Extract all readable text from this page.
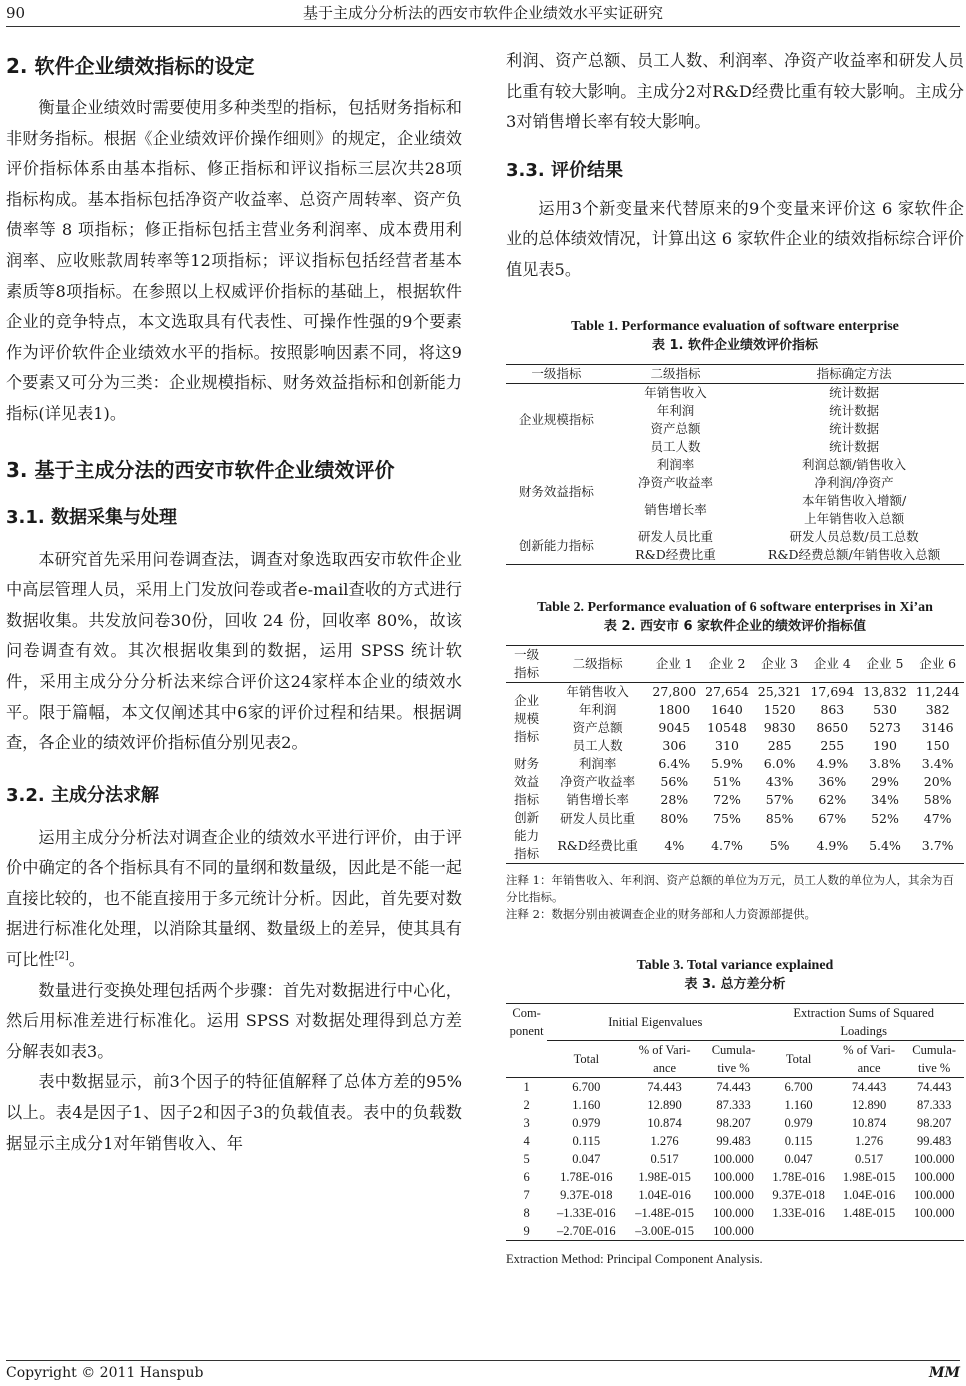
90	基于主成分分析法的西安市软件企业绩效水平实证研究
2. 软件企业绩效指标的设定

衡量企业绩效时需要使用多种类型的指标，包括财务指标和非财务指标。根据《企业绩效评价操作细则》的规定，企业绩效评价指标体系由基本指标、修正指标和评议指标三层次共28项指标构成。基本指标包括净资产收益率、总资产周转率、资产负债率等 8 项指标；修正指标包括主营业务利润率、成本费用利润率、应收账款周转率等12项指标；评议指标包括经营者基本素质等8项指标。在参照以上权威评价指标的基础上，根据软件企业的竞争特点，本文选取具有代表性、可操作性强的9个要素作为评价软件企业绩效水平的指标。按照影响因素不同，将这9个要素又可分为三类：企业规模指标、财务效益指标和创新能力指标(详见表1)。

3. 基于主成分法的西安市软件企业绩效评价
3.1. 数据采集与处理

本研究首先采用问卷调查法，调查对象选取西安市软件企业中高层管理人员，采用上门发放问卷或者e-mail查收的方式进行数据收集。共发放问卷30份，回收 24 份，回收率 80%，故该问卷调查有效。其次根据收集到的数据，运用 SPSS 统计软件，采用主成分分分析法来综合评价这24家样本企业的绩效水平。限于篇幅，本文仅阐述其中6家的评价过程和结果。根据调查，各企业的绩效评价指标值分别见表2。

3.2. 主成分法求解

运用主成分分析法对调查企业的绩效水平进行评价，由于评价中确定的各个指标具有不同的量纲和数量级，因此是不能一起直接比较的，也不能直接用于多元统计分析。因此，首先要对数据进行标准化处理，以消除其量纲、数量级上的差异，使其具有可比性[2]。

数量进行变换处理包括两个步骤：首先对数据进行中心化，然后用标准差进行标准化。运用 SPSS 对数据处理得到总方差分解表如表3。

表中数据显示，前3个因子的特征值解释了总体方差的95%以上。表4是因子1、因子2和因子3的负载值表。表中的负载数据显示主成分1对年销售收入、年

利润、资产总额、员工人数、利润率、净资产收益率和研发人员比重有较大影响。主成分2对R&D经费比重有较大影响。主成分3对销售增长率有较大影响。

3.3. 评价结果

运用3个新变量来代替原来的9个变量来评价这 6 家软件企业的总体绩效情况，计算出这 6 家软件企业的绩效指标综合评价值见表5。

Table 1. Performance evaluation of software enterprise
表 1. 软件企业绩效评价指标
一级指标	二级指标	指标确定方法
企业规模指标	年销售收入	统计数据
	年利润	统计数据
	资产总额	统计数据
	员工人数	统计数据
财务效益指标	利润率	利润总额/销售收入
	净资产收益率	净利润/净资产
	销售增长率	本年销售收入增额/
上年销售收入总额
创新能力指标	研发人员比重	研发人员总数/员工总数
	R&D经费比重	R&D经费总额/年销售收入总额
Table 2. Performance evaluation of 6 software enterprises in Xi’an
表 2. 西安市 6 家软件企业的绩效评价指标值
一级
指标	二级指标	企业 1	企业 2	企业 3	企业 4	企业 5	企业 6
企业
规模
指标	年销售收入	27,800	27,654	25,321	17,694	13,832	11,244
	年利润	1800	1640	1520	863	530	382
	资产总额	9045	10548	9830	8650	5273	3146
	员工人数	306	310	285	255	190	150
财务
效益
指标	利润率	6.4%	5.9%	6.0%	4.9%	3.8%	3.4%
	净资产收益率	56%	51%	43%	36%	29%	20%
	销售增长率	28%	72%	57%	62%	34%	58%
创新
能力
指标	研发人员比重	80%	75%	85%	67%	52%	47%
	R&D经费比重	4%	4.7%	5%	4.9%	5.4%	3.7%

注释 1：年销售收入、年利润、资产总额的单位为万元，员工人数的单位为人，其余为百分比指标。

注释 2：数据分别由被调查企业的财务部和人力资源部提供。

Table 3. Total variance explained
表 3. 总方差分析
Com-
ponent	Initial Eigenvalues			Extraction Sums of Squared
Loadings		
	Total	% of Vari-
ance	Cumula-
tive %	Total	% of Vari-
ance	Cumula-
tive %
1	6.700	74.443	74.443	6.700	74.443	74.443
2	1.160	12.890	87.333	1.160	12.890	87.333
3	0.979	10.874	98.207	0.979	10.874	98.207
4	0.115	1.276	99.483	0.115	1.276	99.483
5	0.047	0.517	100.000	0.047	0.517	100.000
6	1.78E-016	1.98E-015	100.000	1.78E-016	1.98E-015	100.000
7	9.37E-018	1.04E-016	100.000	9.37E-018	1.04E-016	100.000
8	–1.33E-016	–1.48E-015	100.000	1.33E-016	1.48E-015	100.000
9	–2.70E-016	–3.00E-015	100.000			

Extraction Method: Principal Component Analysis.

Copyright © 2011 Hanspub	MM
